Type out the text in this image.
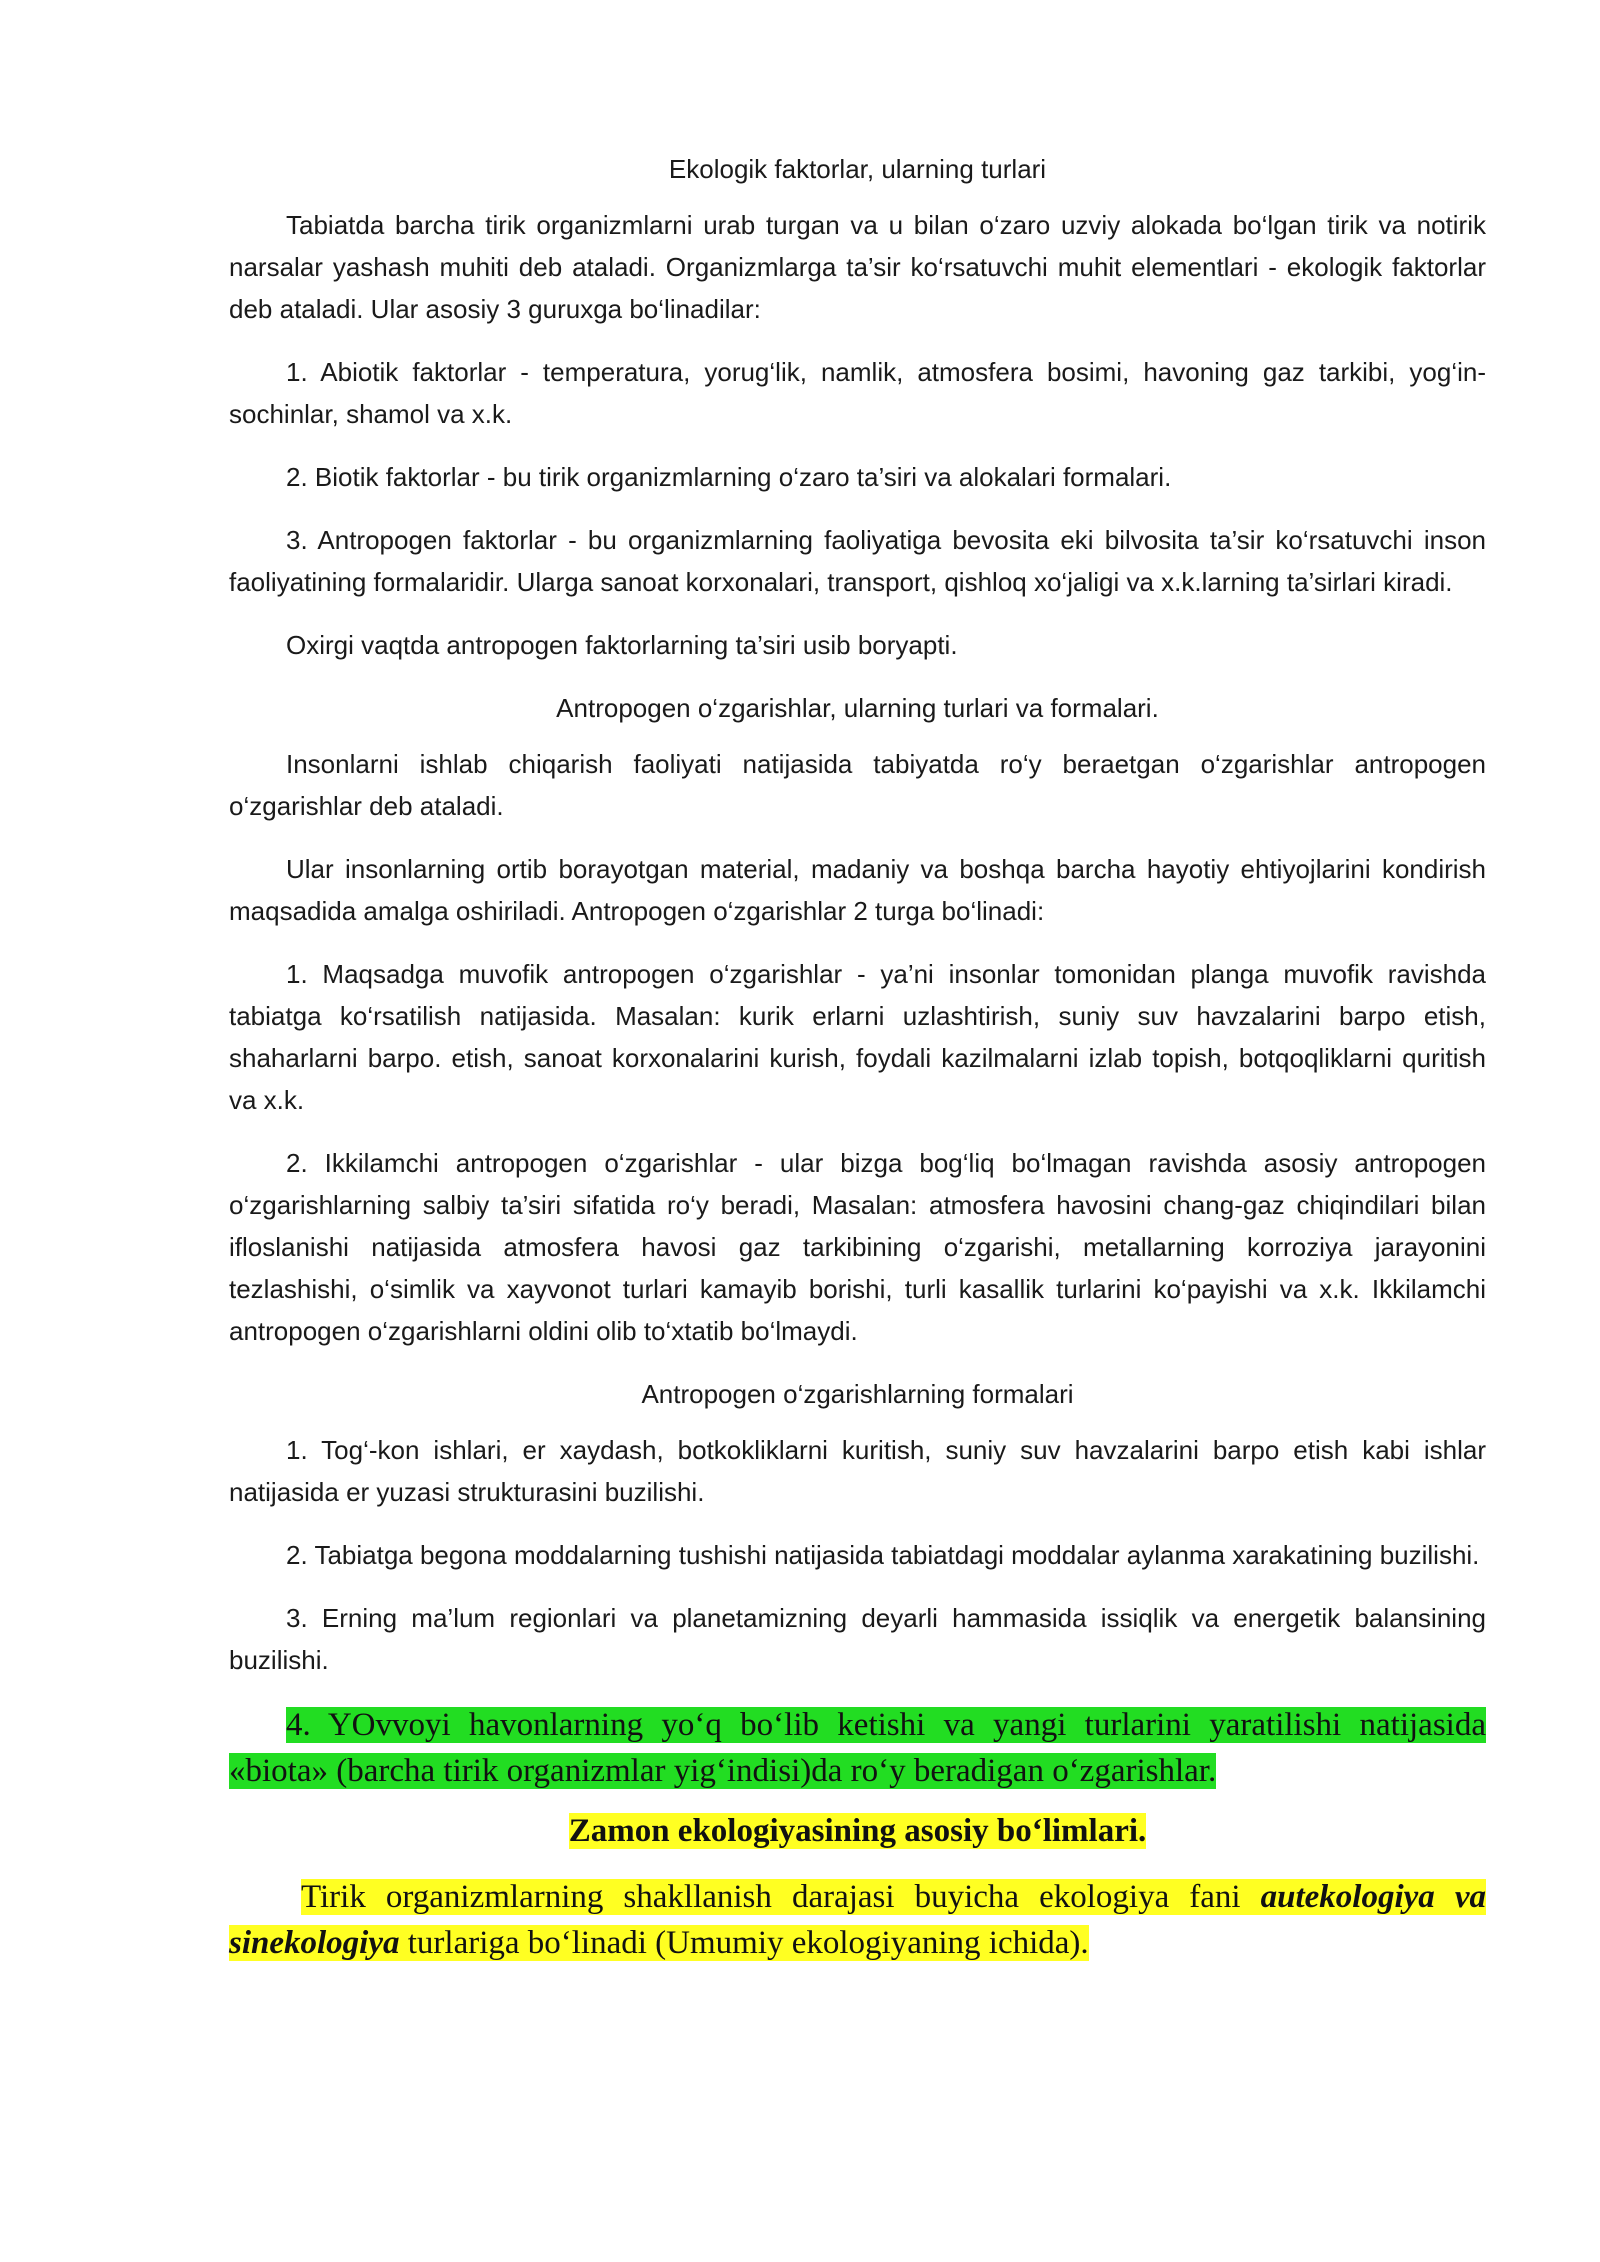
Ekologik faktorlar, ularning turlari

Tabiatda barcha tirik organizmlarni urab turgan va u bilan o‘zaro uzviy alokada bo‘lgan tirik va notirik narsalar yashash muhiti deb ataladi. Organizmlarga ta’sir ko‘rsatuvchi muhit elementlari - ekologik faktorlar deb ataladi. Ular asosiy 3 guruxga bo‘linadilar:

1. Abiotik faktorlar - temperatura, yorug‘lik, namlik, atmosfera bosimi, havoning gaz tarkibi, yog‘in-sochinlar, shamol va x.k.

2. Biotik faktorlar - bu tirik organizmlarning o‘zaro ta’siri va alokalari formalari.

3. Antropogen faktorlar - bu organizmlarning faoliyatiga bevosita eki bilvosita ta’sir ko‘rsatuvchi inson faoliyatining formalaridir. Ularga sanoat korxonalari, transport, qishloq xo‘jaligi va x.k.larning ta’sirlari kiradi.

Oxirgi vaqtda antropogen faktorlarning ta’siri usib boryapti.

Antropogen o‘zgarishlar, ularning turlari va formalari.

Insonlarni ishlab chiqarish faoliyati natijasida tabiyatda ro‘y beraetgan o‘zgarishlar antropogen o‘zgarishlar deb ataladi.

Ular insonlarning ortib borayotgan material, madaniy va boshqa barcha hayotiy ehtiyojlarini kondirish maqsadida amalga oshiriladi. Antropogen o‘zgarishlar 2 turga bo‘linadi:

1. Maqsadga muvofik antropogen o‘zgarishlar - ya’ni insonlar tomonidan planga muvofik ravishda tabiatga ko‘rsatilish natijasida. Masalan: kurik erlarni uzlashtirish, suniy suv havzalarini barpo etish, shaharlarni barpo. etish, sanoat korxonalarini kurish, foydali kazilmalarni izlab topish, botqoqliklarni quritish va x.k.

2. Ikkilamchi antropogen o‘zgarishlar - ular bizga bog‘liq bo‘lmagan ravishda asosiy antropogen o‘zgarishlarning salbiy ta’siri sifatida ro‘y beradi, Masalan: atmosfera havosini chang-gaz chiqindilari bilan ifloslanishi natijasida atmosfera havosi gaz tarkibining o‘zgarishi, metallarning korroziya jarayonini tezlashishi, o‘simlik va xayvonot turlari kamayib borishi, turli kasallik turlarini ko‘payishi va x.k. Ikkilamchi antropogen o‘zgarishlarni oldini olib to‘xtatib bo‘lmaydi.

Antropogen o‘zgarishlarning formalari

1. Tog‘-kon ishlari, er xaydash, botkokliklarni kuritish, suniy suv havzalarini barpo etish kabi ishlar natijasida er yuzasi strukturasini buzilishi.

2. Tabiatga begona moddalarning tushishi natijasida tabiatdagi moddalar aylanma xarakatining buzilishi.

3. Erning ma’lum regionlari va planetamizning deyarli hammasida issiqlik va energetik balansining buzilishi.

4. YOvvoyi havonlarning yo‘q bo‘lib ketishi va yangi turlarini yaratilishi natijasida «biota» (barcha tirik organizmlar yig‘indisi)da ro‘y beradigan o‘zgarishlar.

Zamon ekologiyasining asosiy bo‘limlari.

Tirik organizmlarning shakllanish darajasi buyicha ekologiya fani autekologiya va sinekologiya turlariga bo‘linadi (Umumiy ekologiyaning ichida).
